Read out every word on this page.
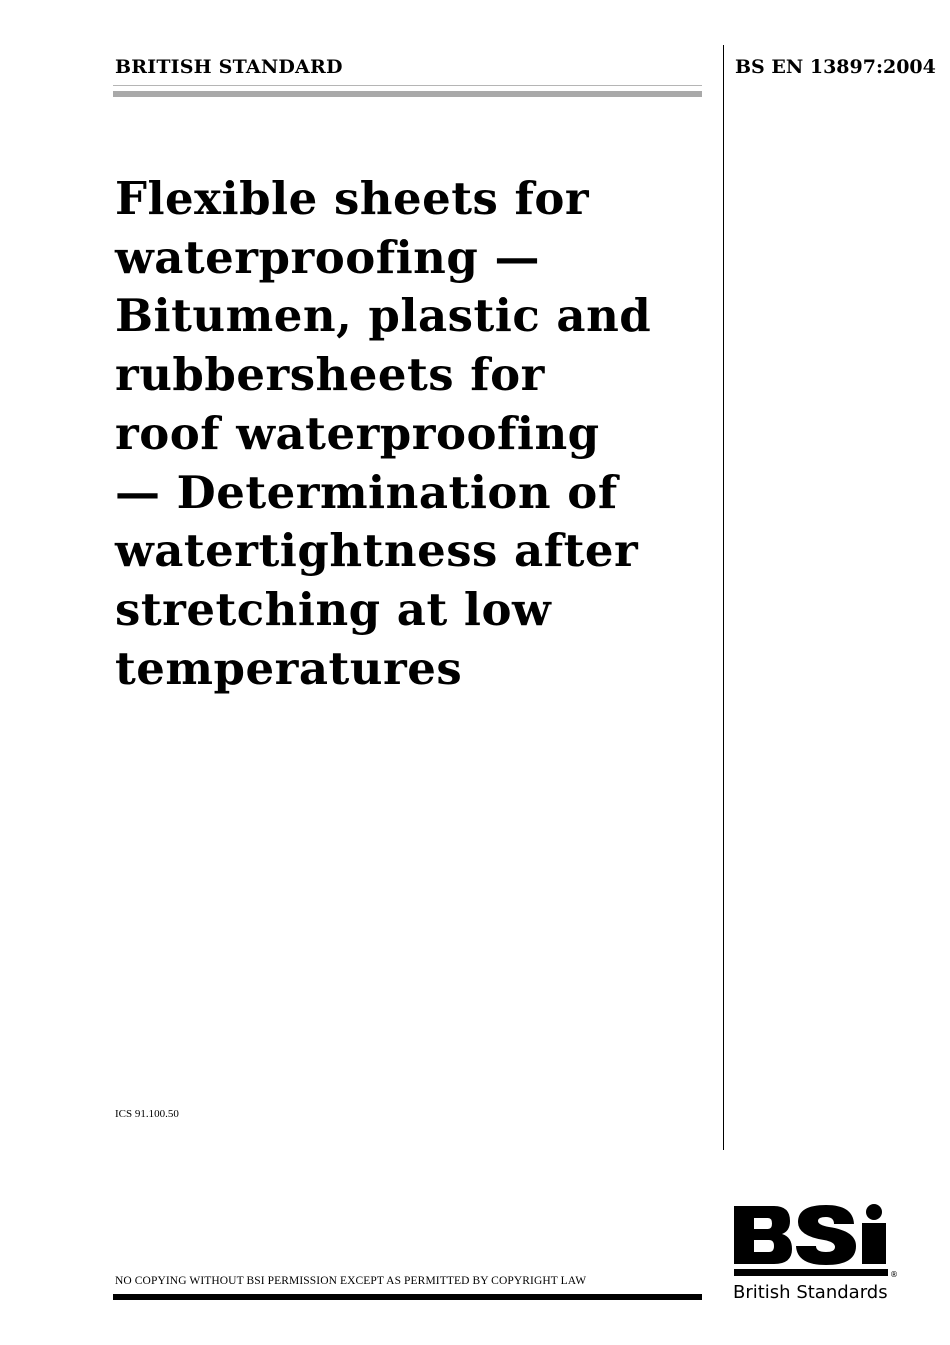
BRITISH STANDARD	BS EN 13897:2004
Flexible sheets for
waterproofing —
Bitumen, plastic and
rubbersheets for
roof waterproofing
— Determination of
watertightness after
stretching at low
temperatures
ICS 91.100.50
NO COPYING WITHOUT BSI PERMISSION EXCEPT AS PERMITTED BY COPYRIGHT LAW
®
British Standards
